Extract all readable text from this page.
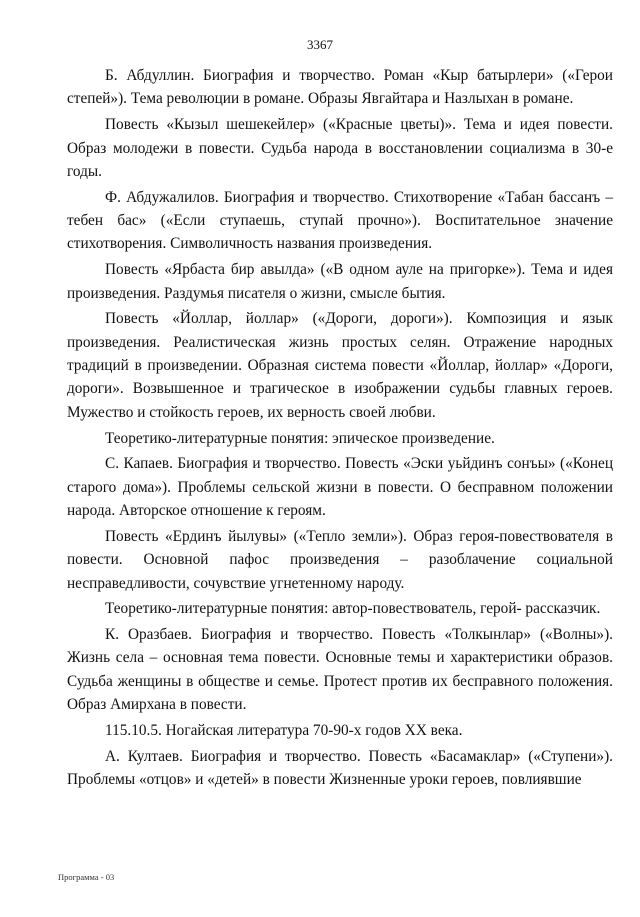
3367

Б. Абдуллин. Биография и творчество. Роман «Кыр батырлери» («Герои степей»). Тема революции в романе. Образы Явгайтара и Назлыхан в романе.

Повесть «Кызыл шешекейлер» («Красные цветы)». Тема и идея повести. Образ молодежи в повести. Судьба народа в восстановлении социализма в 30-е годы.

Ф. Абдужалилов. Биография и творчество. Стихотворение «Табан бассанъ – тебен бас» («Если ступаешь, ступай прочно»). Воспитательное значение стихотворения. Символичность названия произведения.

Повесть «Ярбаста бир авылда» («В одном ауле на пригорке»). Тема и идея произведения. Раздумья писателя о жизни, смысле бытия.

Повесть «Йоллар, йоллар» («Дороги, дороги»). Композиция и язык произведения. Реалистическая жизнь простых селян. Отражение народных традиций в произведении. Образная система повести «Йоллар, йоллар» «Дороги, дороги». Возвышенное и трагическое в изображении судьбы главных героев. Мужество и стойкость героев, их верность своей любви.

Теоретико-литературные понятия: эпическое произведение.

С. Капаев. Биография и творчество. Повесть «Эски уьйдинъ сонъы» («Конец старого дома»). Проблемы сельской жизни в повести. О бесправном положении народа. Авторское отношение к героям.

Повесть «Ердинъ йылувы» («Тепло земли»). Образ героя-повествователя в повести. Основной пафос произведения – разоблачение социальной несправедливости, сочувствие угнетенному народу.

Теоретико-литературные понятия: автор-повествователь, герой- рассказчик.

К. Оразбаев. Биография и творчество. Повесть «Толкынлар» («Волны»). Жизнь села – основная тема повести. Основные темы и характеристики образов. Судьба женщины в обществе и семье. Протест против их бесправного положения. Образ Амирхана в повести.

115.10.5. Ногайская литература 70-90-х годов XX века.

А. Култаев. Биография и творчество. Повесть «Басамаклар» («Ступени»). Проблемы «отцов» и «детей» в повести Жизненные уроки героев, повлиявшие

Программа - 03
